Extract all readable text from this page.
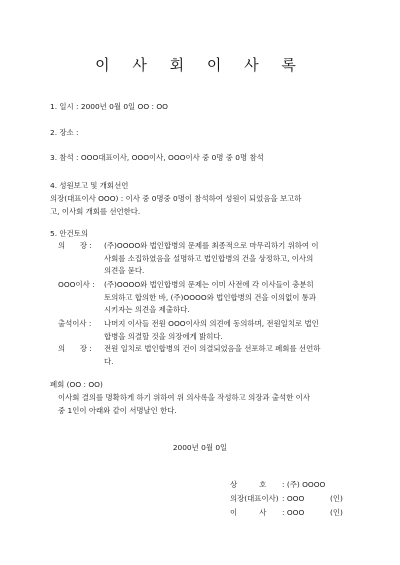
이 사 회 이 사 록
1. 일시 : 2000년 0월 0일 OO : OO
2. 장소 :
3. 참석 : OOO대표이사, OOO이사, OOO이사 중 0명 중 0명 참석
4. 성원보고 및 개회선언
의장(대표이사 OOO) : 이사 중 0명중 0명이 참석하여 성원이 되었음을 보고하
고, 이사회 개회를 선언한다.
5. 안건토의
의　　장 : (주)OOOO와 법인합병의 문제를 최종적으로 마무리하기 위하여 이
사회를 소집하였음을 설명하고 법인합병의 건을 상정하고, 이사의
의견을 묻다.
OOO이사 : (주)OOOO와 법인합병의 문제는 이미 사전에 각 이사들이 충분히
토의하고 합의한 바, (주)OOOO와 법인합병의 건을 이의없이 통과
시키자는 의견을 제출하다.
출석이사 : 나머지 이사들 전원 OOO이사의 의견에 동의하며, 전원일치로 법인
합병을 의결할 것을 의장에게 밝히다.
의　　장 : 전원 일치로 법인합병의 건이 의결되었음을 선포하고 폐회를 선언하
다.
폐회 (OO : OO)
이사회 결의를 명확하게 하기 위하여 위 의사록을 작성하고 의장과 출석한 이사
중 1인이 아래와 같이 서명날인 한다.
2000년 0월 0일
상　　　호 : (주) OOOO
의장(대표이사) : OOO	(인)
이　　　사 : OOO	(인)
